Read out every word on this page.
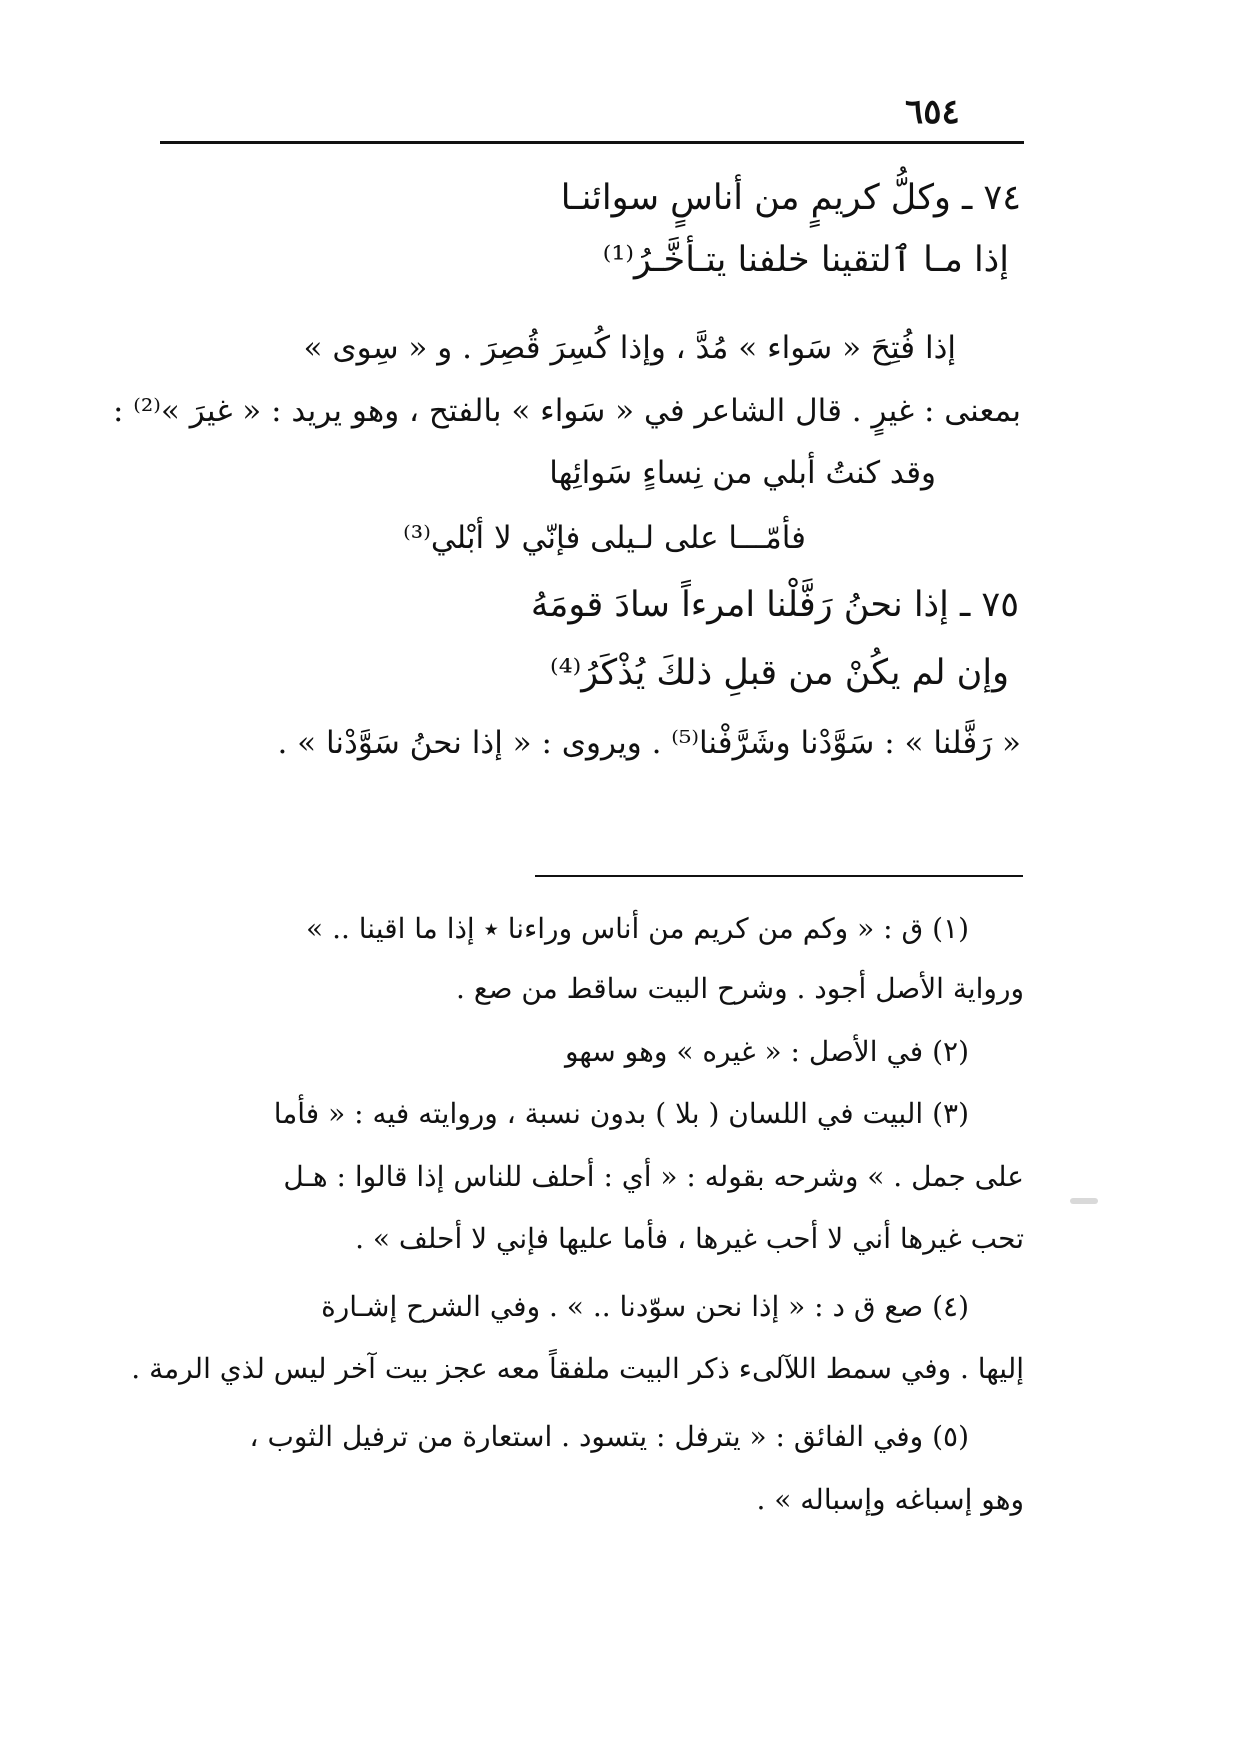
٦٥٤
٧٤ ـ وكلُّ كريمٍ من أناسٍ سوائنـا
إذا مـا ٱلتقينا خلفنا يتـأخَّـرُ⁽¹⁾
إذا فُتِحَ « سَواء » مُدَّ ، وإذا كُسِرَ قُصِرَ . و « سِوى »
بمعنى : غيرٍ . قال الشاعر في « سَواء » بالفتح ، وهو يريد : « غيرَ »⁽²⁾ :
وقد كنتُ أبلي من نِساءٍ سَوائِها
فأمّـــا على لـيلى فإنّي لا أبْلي⁽³⁾
٧٥ ـ إذا نحنُ رَفَّلْنا امرءاً سادَ قومَهُ
وإن لم يكُنْ من قبلِ ذلكَ يُذْكَرُ⁽⁴⁾
« رَفَّلنا » : سَوَّدْنا وشَرَّفْنا⁽⁵⁾ . ويروى : « إذا نحنُ سَوَّدْنا » .
(١) ق : « وكم من كريم من أناس وراءنا ٭ إذا ما اقينا .. »
ورواية الأصل أجود . وشرح البيت ساقط من صع .
(٢) في الأصل : « غيره » وهو سهو
(٣) البيت في اللسان ( بلا ) بدون نسبة ، وروايته فيه : « فأما
على جمل . » وشرحه بقوله : « أي : أحلف للناس إذا قالوا : هـل
تحب غيرها أني لا أحب غيرها ، فأما عليها فإني لا أحلف » .
(٤) صع ق د : « إذا نحن سوّدنا .. » . وفي الشرح إشـارة
إليها . وفي سمط اللآلىء ذكر البيت ملفقاً معه عجز بيت آخر ليس لذي الرمة .
(٥) وفي الفائق : « يترفل : يتسود . استعارة من ترفيل الثوب ،
وهو إسباغه وإسباله » .
